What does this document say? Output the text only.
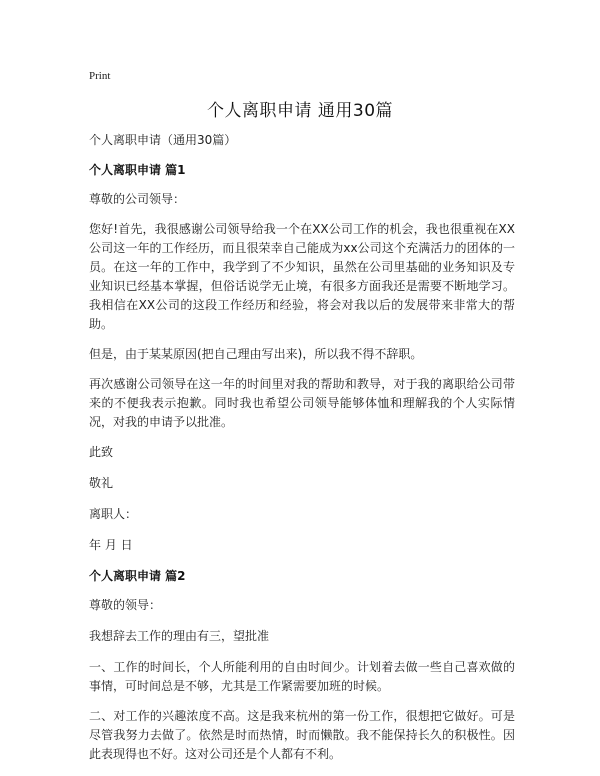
Print
个人离职申请 通用30篇

个人离职申请（通用30篇）

个人离职申请 篇1

尊敬的公司领导：

您好!首先，我很感谢公司领导给我一个在XX公司工作的机会，我也很重视在XX公司这一年的工作经历，而且很荣幸自己能成为xx公司这个充满活力的团体的一员。在这一年的工作中，我学到了不少知识，虽然在公司里基础的业务知识及专业知识已经基本掌握，但俗话说学无止境，有很多方面我还是需要不断地学习。我相信在XX公司的这段工作经历和经验，将会对我以后的发展带来非常大的帮助。

但是，由于某某原因(把自己理由写出来)，所以我不得不辞职。

再次感谢公司领导在这一年的时间里对我的帮助和教导，对于我的离职给公司带来的不便我表示抱歉。同时我也希望公司领导能够体恤和理解我的个人实际情况，对我的申请予以批准。

此致

敬礼

离职人：

年 月 日

个人离职申请 篇2

尊敬的领导：

我想辞去工作的理由有三，望批准

一、工作的时间长，个人所能利用的自由时间少。计划着去做一些自己喜欢做的事情，可时间总是不够，尤其是工作紧需要加班的时候。

二、对工作的兴趣浓度不高。这是我来杭州的第一份工作，很想把它做好。可是尽管我努力去做了。依然是时而热情，时而懒散。我不能保持长久的积极性。因此表现得也不好。这对公司还是个人都有不利。
